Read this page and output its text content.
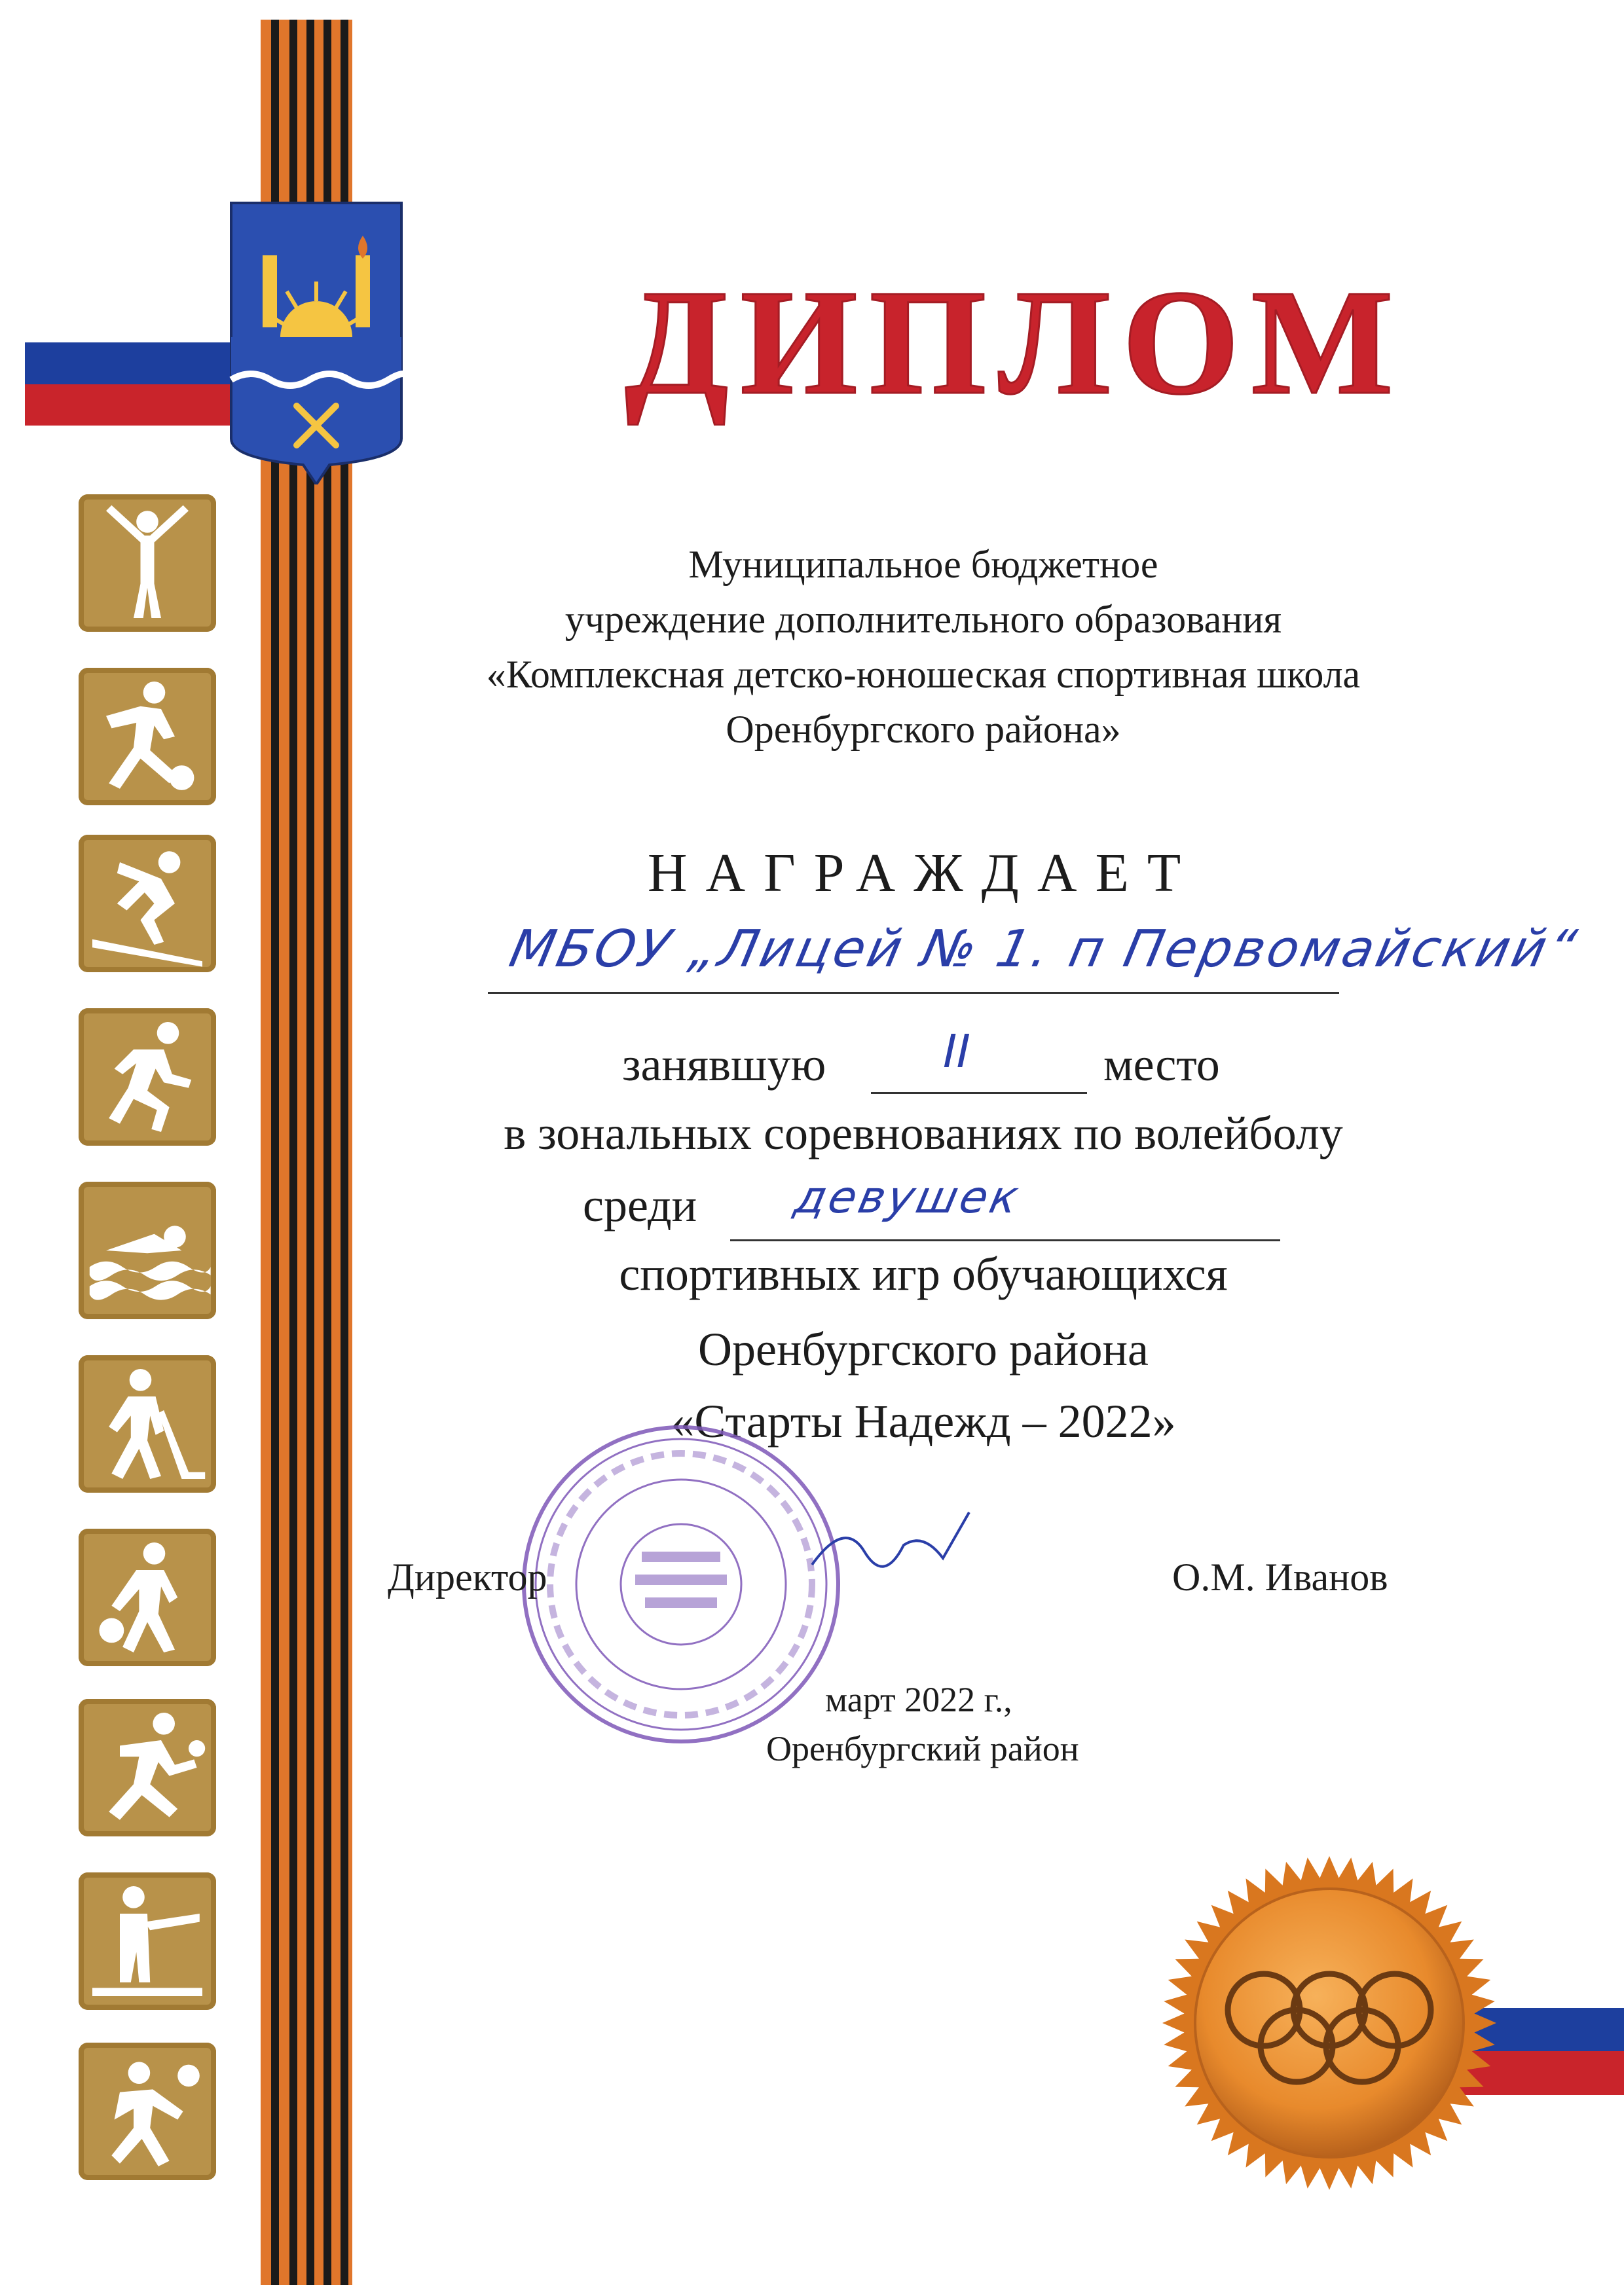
ДИПЛОМ
Муниципальное бюджетное
учреждение дополнительного образования
«Комплексная детско-юношеская спортивная школа
Оренбургского района»
НАГРАЖДАЕТ
МБОУ „Лицей № 1. п Первомайский“
занявшую II	место
в зональных соревнованиях по волейболу
среди девушек
спортивных игр обучающихся
Оренбургского района
«Старты Надежд – 2022»
Директор	О.М. Иванов
март 2022 г.,
Оренбургский район
